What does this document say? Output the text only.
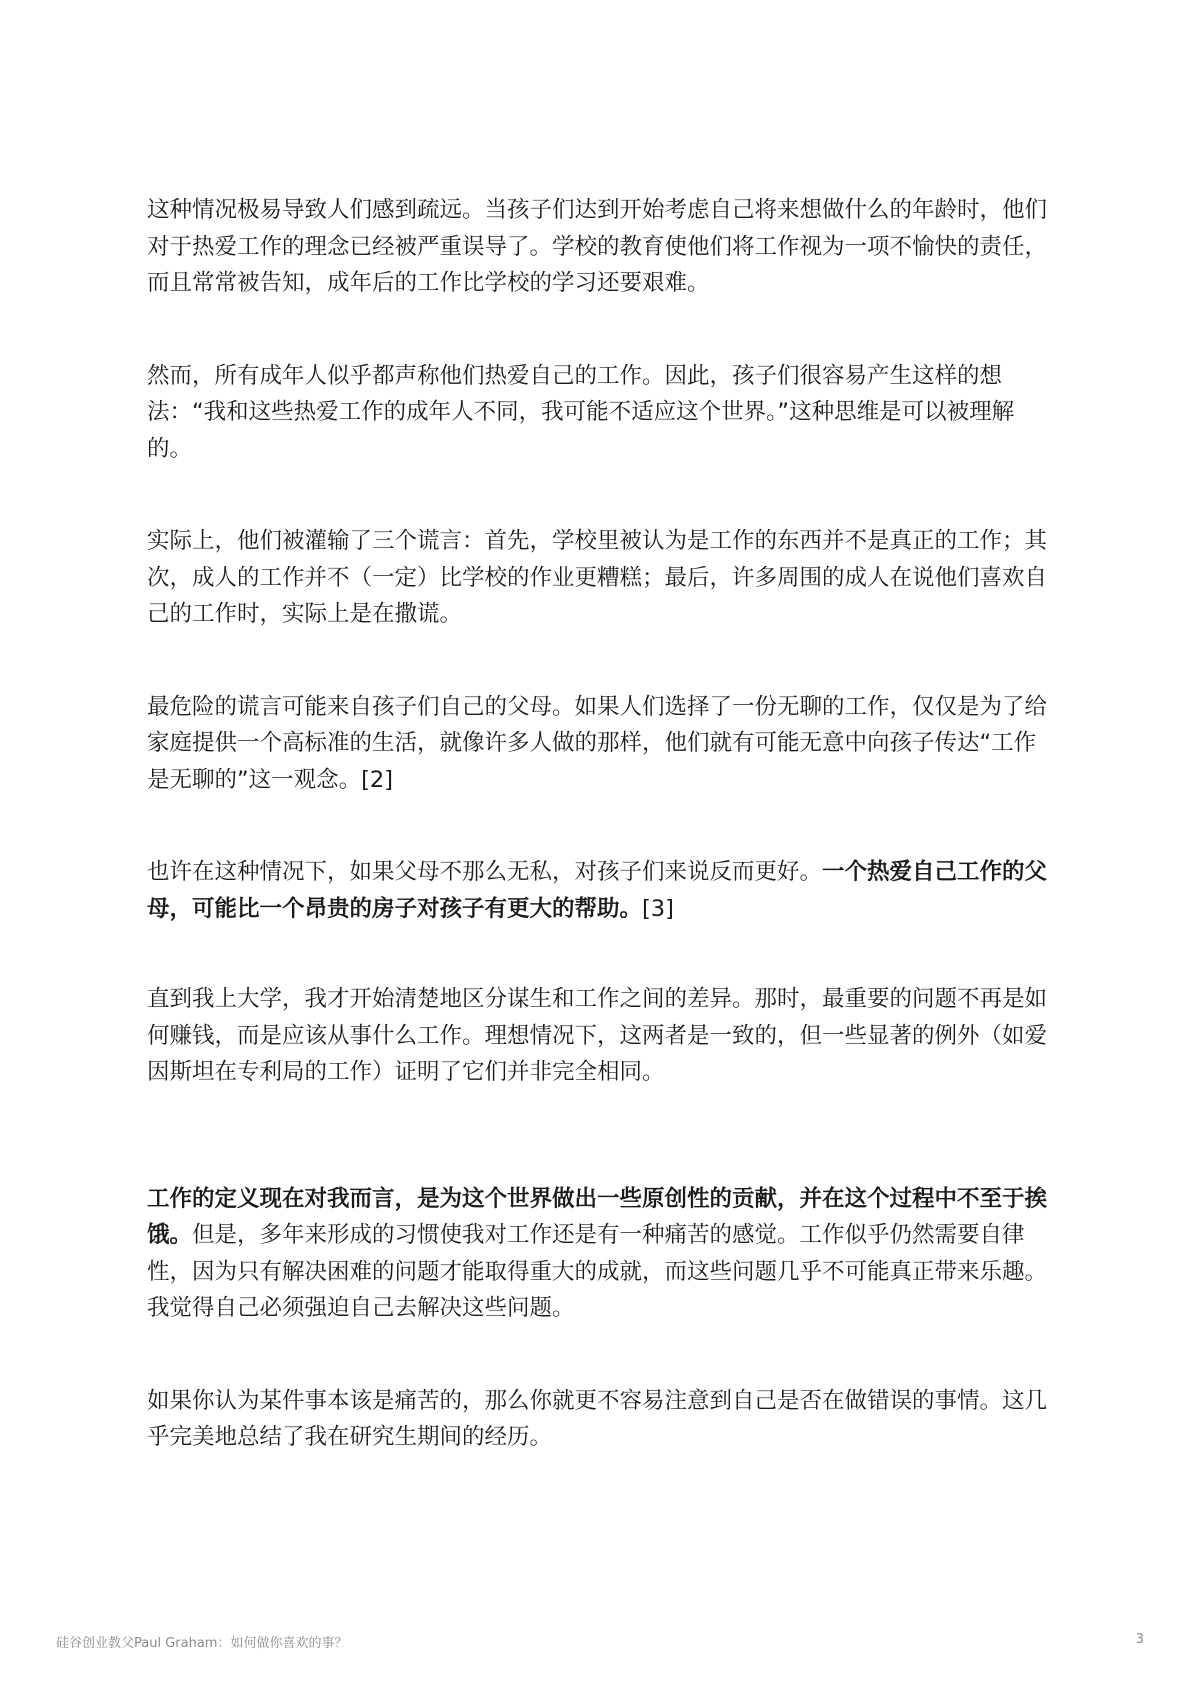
这种情况极易导致人们感到疏远。当孩子们达到开始考虑自己将来想做什么的年龄时，他们对于热爱工作的理念已经被严重误导了。学校的教育使他们将工作视为一项不愉快的责任，而且常常被告知，成年后的工作比学校的学习还要艰难。

然而，所有成年人似乎都声称他们热爱自己的工作。因此，孩子们很容易产生这样的想法：“我和这些热爱工作的成年人不同，我可能不适应这个世界。”这种思维是可以被理解的。

实际上，他们被灌输了三个谎言：首先，学校里被认为是工作的东西并不是真正的工作；其次，成人的工作并不（一定）比学校的作业更糟糕；最后，许多周围的成人在说他们喜欢自己的工作时，实际上是在撒谎。

最危险的谎言可能来自孩子们自己的父母。如果人们选择了一份无聊的工作，仅仅是为了给家庭提供一个高标准的生活，就像许多人做的那样，他们就有可能无意中向孩子传达“工作是无聊的”这一观念。[2]

也许在这种情况下，如果父母不那么无私，对孩子们来说反而更好。一个热爱自己工作的父母，可能比一个昂贵的房子对孩子有更大的帮助。[3]

直到我上大学，我才开始清楚地区分谋生和工作之间的差异。那时，最重要的问题不再是如何赚钱，而是应该从事什么工作。理想情况下，这两者是一致的，但一些显著的例外（如爱因斯坦在专利局的工作）证明了它们并非完全相同。

工作的定义现在对我而言，是为这个世界做出一些原创性的贡献，并在这个过程中不至于挨饿。但是，多年来形成的习惯使我对工作还是有一种痛苦的感觉。工作似乎仍然需要自律性，因为只有解决困难的问题才能取得重大的成就，而这些问题几乎不可能真正带来乐趣。我觉得自己必须强迫自己去解决这些问题。

如果你认为某件事本该是痛苦的，那么你就更不容易注意到自己是否在做错误的事情。这几乎完美地总结了我在研究生期间的经历。

硅谷创业教父Paul Graham：如何做你喜欢的事？	3
